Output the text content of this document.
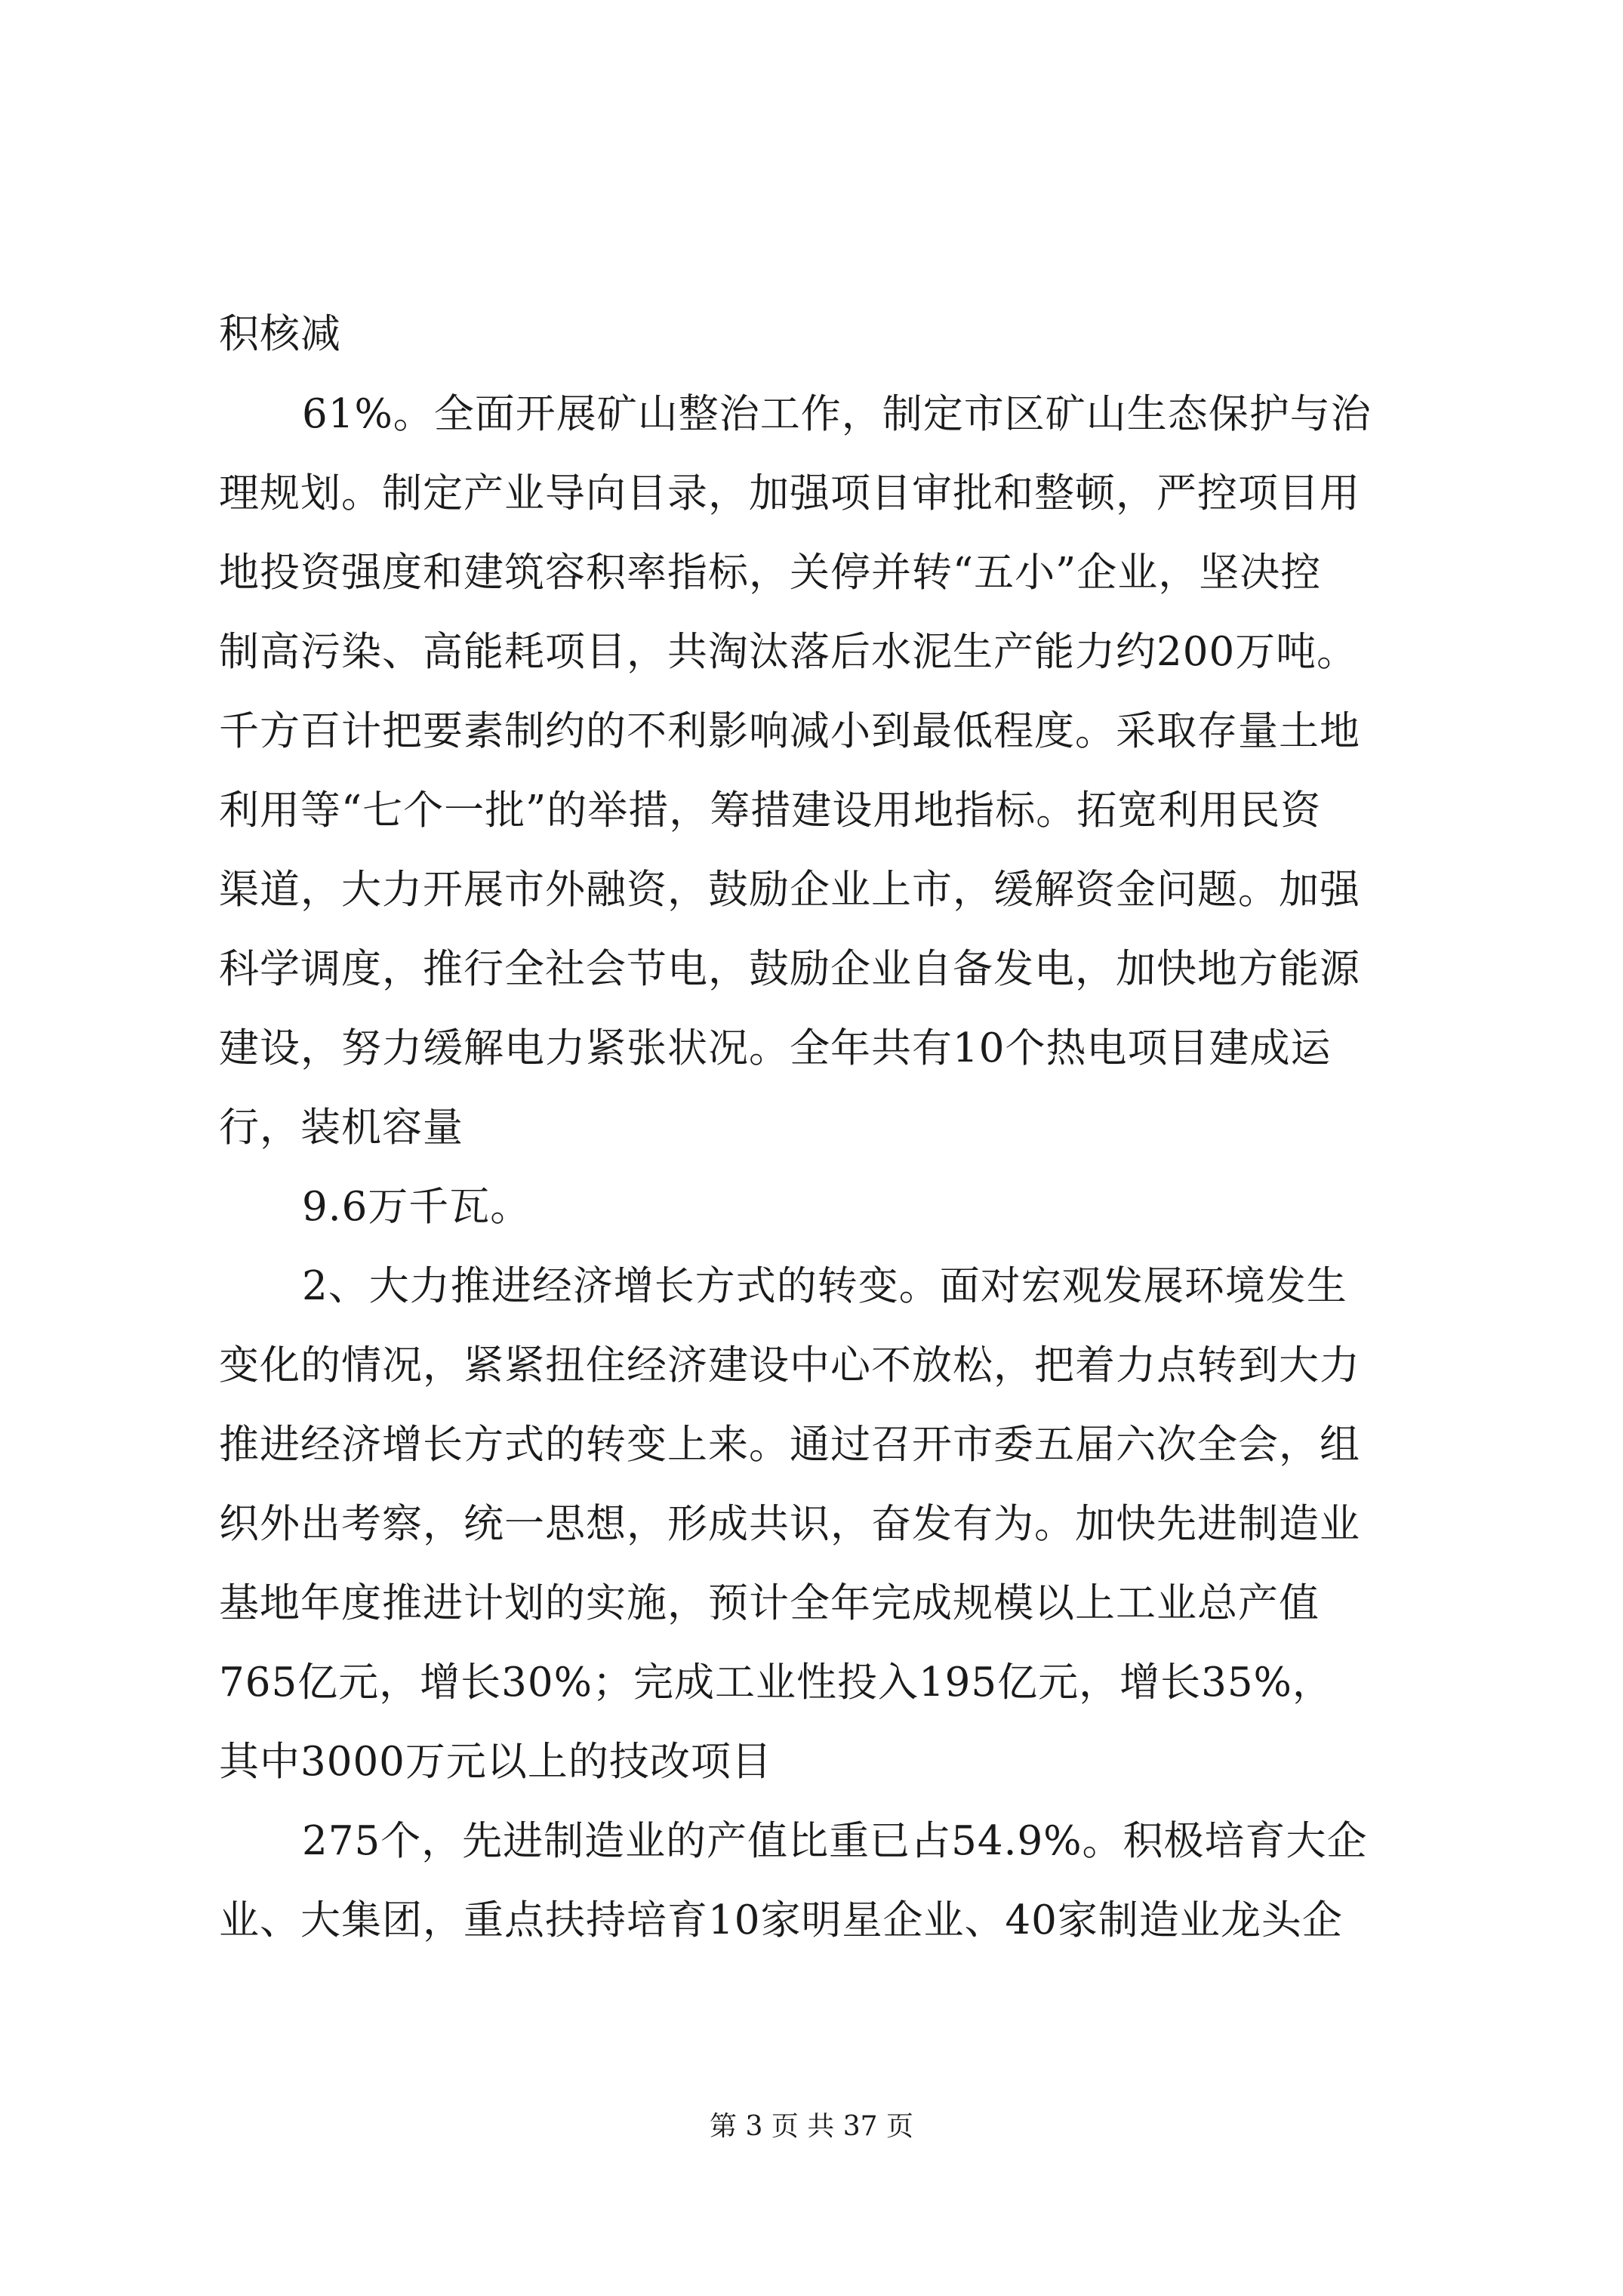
积核减
61%。全面开展矿山整治工作，制定市区矿山生态保护与治
理规划。制定产业导向目录，加强项目审批和整顿，严控项目用
地投资强度和建筑容积率指标，关停并转“五小”企业，坚决控
制高污染、高能耗项目，共淘汰落后水泥生产能力约200万吨。
千方百计把要素制约的不利影响减小到最低程度。采取存量土地
利用等“七个一批”的举措，筹措建设用地指标。拓宽利用民资
渠道，大力开展市外融资，鼓励企业上市，缓解资金问题。加强
科学调度，推行全社会节电，鼓励企业自备发电，加快地方能源
建设，努力缓解电力紧张状况。全年共有10个热电项目建成运
行，装机容量
9.6万千瓦。
2、大力推进经济增长方式的转变。面对宏观发展环境发生
变化的情况，紧紧扭住经济建设中心不放松，把着力点转到大力
推进经济增长方式的转变上来。通过召开市委五届六次全会，组
织外出考察，统一思想，形成共识，奋发有为。加快先进制造业
基地年度推进计划的实施，预计全年完成规模以上工业总产值
765亿元，增长30%；完成工业性投入195亿元，增长35%，
其中3000万元以上的技改项目
275个，先进制造业的产值比重已占54.9%。积极培育大企
业、大集团，重点扶持培育10家明星企业、40家制造业龙头企
第 3 页 共 37 页
